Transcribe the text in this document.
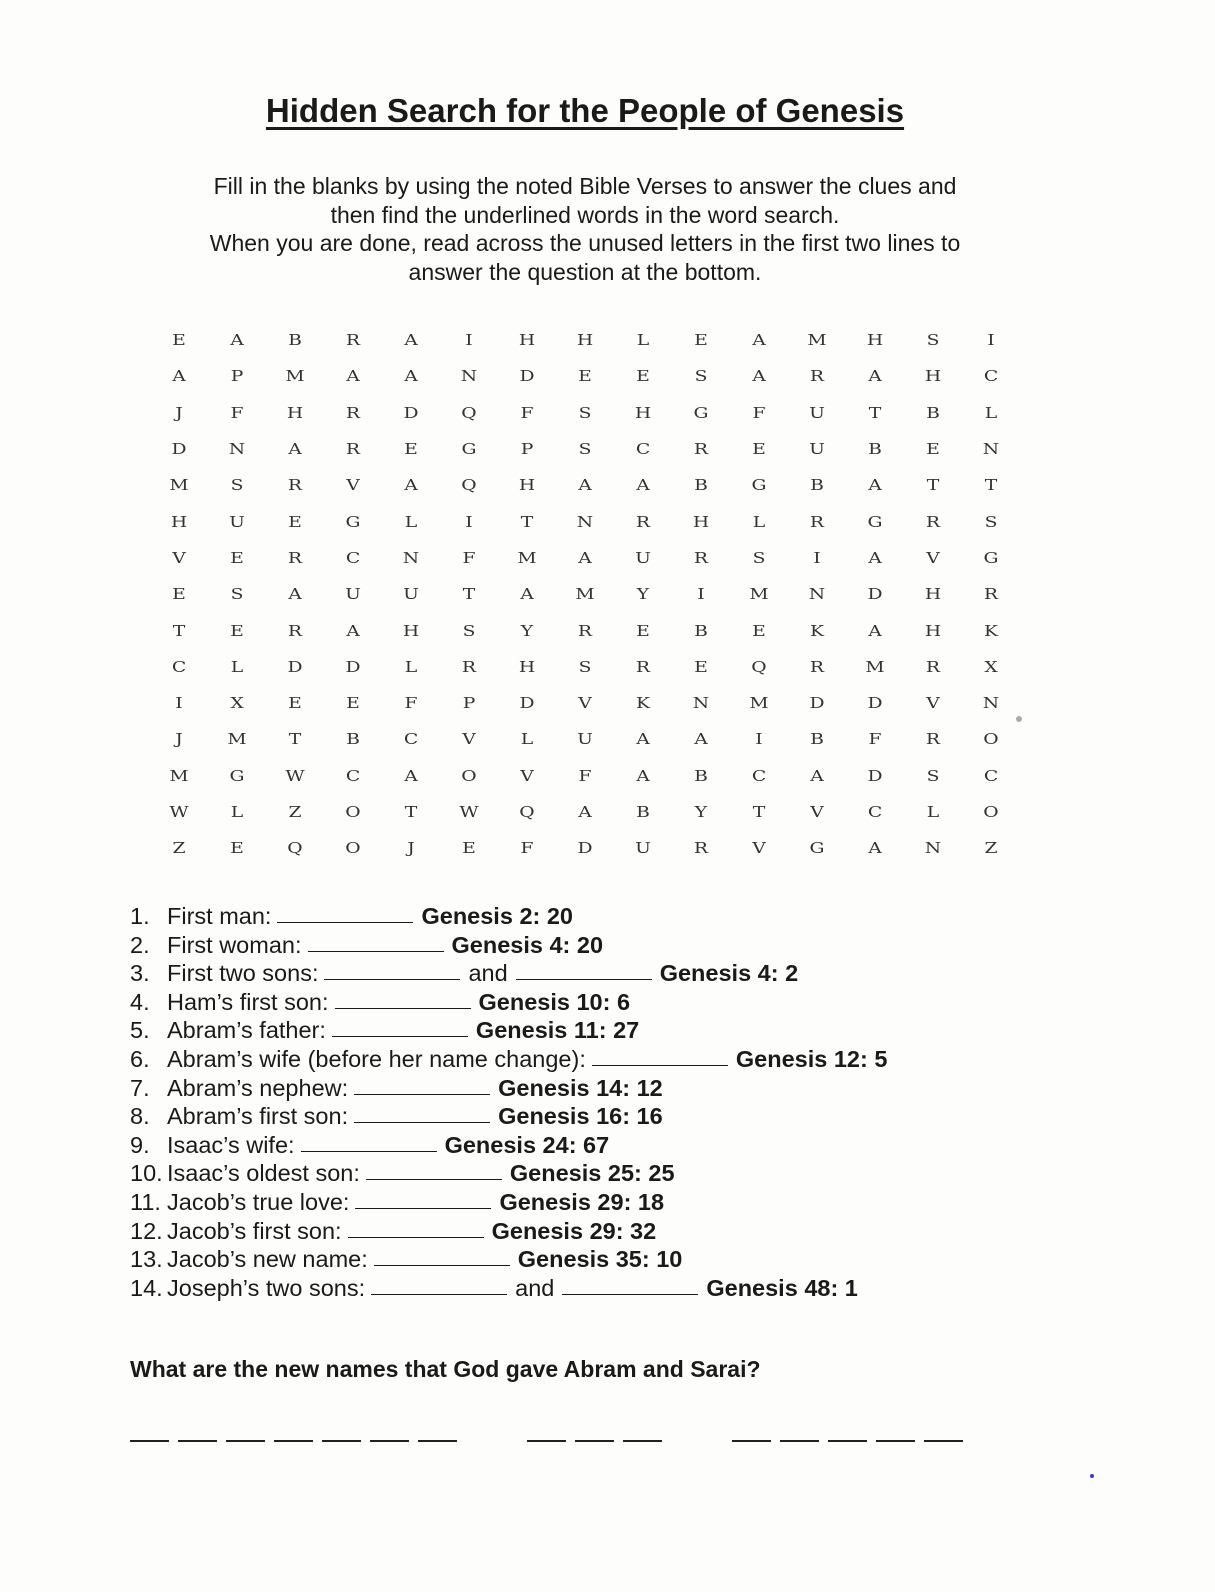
Hidden Search for the People of Genesis
Fill in the blanks by using the noted Bible Verses to answer the clues and
then find the underlined words in the word search.
When you are done, read across the unused letters in the first two lines to
answer the question at the bottom.
E	A	B	R	A	I	H	H	L	E	A	M	H	S	I
A	P	M	A	A	N	D	E	E	S	A	R	A	H	C
J	F	H	R	D	Q	F	S	H	G	F	U	T	B	L
D	N	A	R	E	G	P	S	C	R	E	U	B	E	N
M	S	R	V	A	Q	H	A	A	B	G	B	A	T	T
H	U	E	G	L	I	T	N	R	H	L	R	G	R	S
V	E	R	C	N	F	M	A	U	R	S	I	A	V	G
E	S	A	U	U	T	A	M	Y	I	M	N	D	H	R
T	E	R	A	H	S	Y	R	E	B	E	K	A	H	K
C	L	D	D	L	R	H	S	R	E	Q	R	M	R	X
I	X	E	E	F	P	D	V	K	N	M	D	D	V	N
J	M	T	B	C	V	L	U	A	A	I	B	F	R	O
M	G	W	C	A	O	V	F	A	B	C	A	D	S	C
W	L	Z	O	T	W	Q	A	B	Y	T	V	C	L	O
Z	E	Q	O	J	E	F	D	U	R	V	G	A	N	Z
1. First man:	Genesis 2: 20
2. First woman:	Genesis 4: 20
3. First two sons:	and	Genesis 4: 2
4. Ham’s first son:	Genesis 10: 6
5. Abram’s father:	Genesis 11: 27
6. Abram’s wife (before her name change):	Genesis 12: 5
7. Abram’s nephew:	Genesis 14: 12
8. Abram’s first son:	Genesis 16: 16
9. Isaac’s wife:	Genesis 24: 67
10. Isaac’s oldest son:	Genesis 25: 25
11. Jacob’s true love:	Genesis 29: 18
12. Jacob’s first son:	Genesis 29: 32
13. Jacob’s new name:	Genesis 35: 10
14. Joseph’s two sons:	and	Genesis 48: 1
What are the new names that God gave Abram and Sarai?
